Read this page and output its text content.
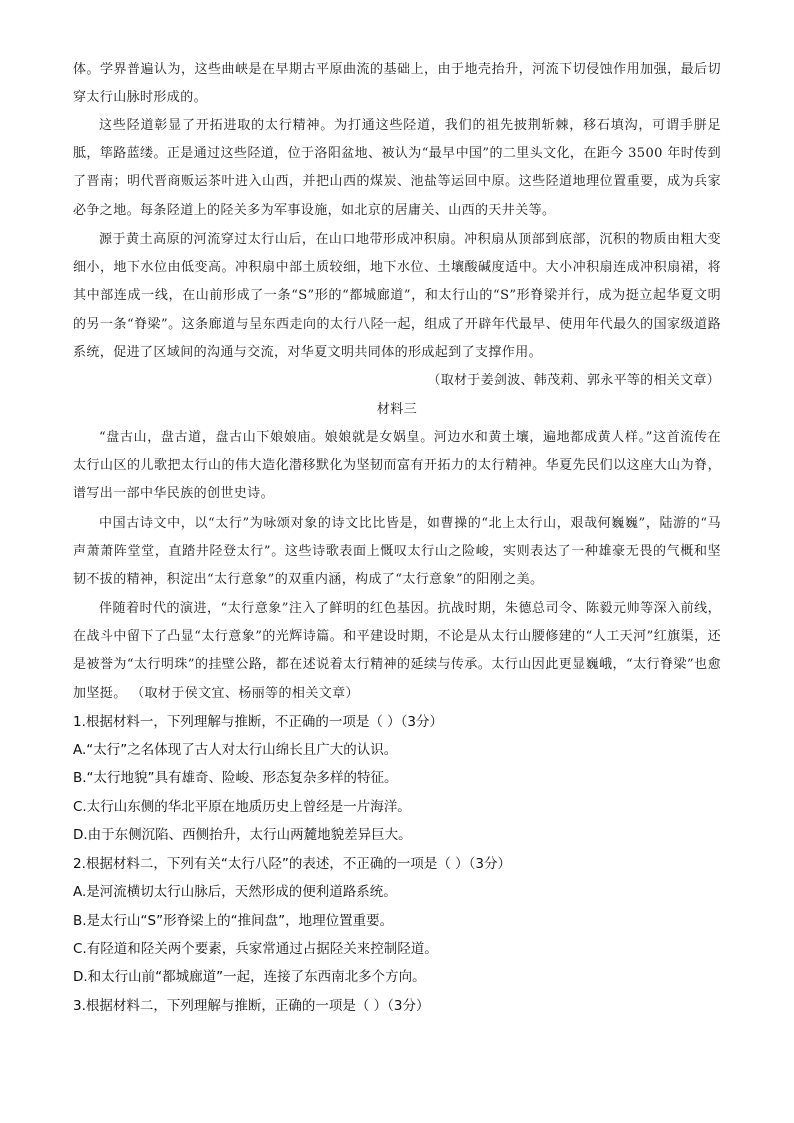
体。学界普遍认为，这些曲峡是在早期古平原曲流的基础上，由于地壳抬升，河流下切侵蚀作用加强，最后切穿太行山脉时形成的。

这些陉道彰显了开拓进取的太行精神。为打通这些陉道，我们的祖先披荆斩棘，移石填沟，可谓手胼足胝，筚路蓝缕。正是通过这些陉道，位于洛阳盆地、被认为“最早中国”的二里头文化，在距今 3500 年时传到了晋南；明代晋商贩运茶叶进入山西，并把山西的煤炭、池盐等运回中原。这些陉道地理位置重要，成为兵家必争之地。每条陉道上的陉关多为军事设施，如北京的居庸关、山西的天井关等。

源于黄土高原的河流穿过太行山后，在山口地带形成冲积扇。冲积扇从顶部到底部，沉积的物质由粗大变细小，地下水位由低变高。冲积扇中部土质较细，地下水位、土壤酸碱度适中。大小冲积扇连成冲积扇裙，将其中部连成一线，在山前形成了一条“S”形的“都城廊道”，和太行山的“S”形脊梁并行，成为挺立起华夏文明的另一条“脊梁”。这条廊道与呈东西走向的太行八陉一起，组成了开辟年代最早、使用年代最久的国家级道路系统，促进了区域间的沟通与交流，对华夏文明共同体的形成起到了支撑作用。

（取材于姜剑波、韩茂莉、郭永平等的相关文章）
材料三

“盘古山，盘古道，盘古山下娘娘庙。娘娘就是女娲皇。河边水和黄土壤，遍地都成黄人样。”这首流传在太行山区的儿歌把太行山的伟大造化潜移默化为坚韧而富有开拓力的太行精神。华夏先民们以这座大山为脊，谱写出一部中华民族的创世史诗。

中国古诗文中，以“太行”为咏颂对象的诗文比比皆是，如曹操的“北上太行山，艰哉何巍巍”，陆游的“马声萧萧阵堂堂，直踏井陉登太行”。这些诗歌表面上慨叹太行山之险峻，实则表达了一种雄豪无畏的气概和坚韧不拔的精神，积淀出“太行意象”的双重内涵，构成了“太行意象”的阳刚之美。

伴随着时代的演进，“太行意象”注入了鲜明的红色基因。抗战时期，朱德总司令、陈毅元帅等深入前线，在战斗中留下了凸显“太行意象”的光辉诗篇。和平建设时期，不论是从太行山腰修建的“人工天河”红旗渠，还是被誉为“太行明珠”的挂壁公路，都在述说着太行精神的延续与传承。太行山因此更显巍峨，“太行脊梁”也愈加坚挺。 （取材于侯文宜、杨丽等的相关文章）

1.根据材料一，下列理解与推断，不正确的一项是（ ）（3分）
A.“太行”之名体现了古人对太行山绵长且广大的认识。
B.“太行地貌”具有雄奇、险峻、形态复杂多样的特征。
C.太行山东侧的华北平原在地质历史上曾经是一片海洋。
D.由于东侧沉陷、西侧抬升，太行山两麓地貌差异巨大。
2.根据材料二，下列有关“太行八陉”的表述，不正确的一项是（ ）（3分）
A.是河流横切太行山脉后，天然形成的便利道路系统。
B.是太行山“S”形脊梁上的“推间盘”，地理位置重要。
C.有陉道和陉关两个要素，兵家常通过占据陉关来控制陉道。
D.和太行山前“都城廊道”一起，连接了东西南北多个方向。
3.根据材料二，下列理解与推断，正确的一项是（ ）（3分）
